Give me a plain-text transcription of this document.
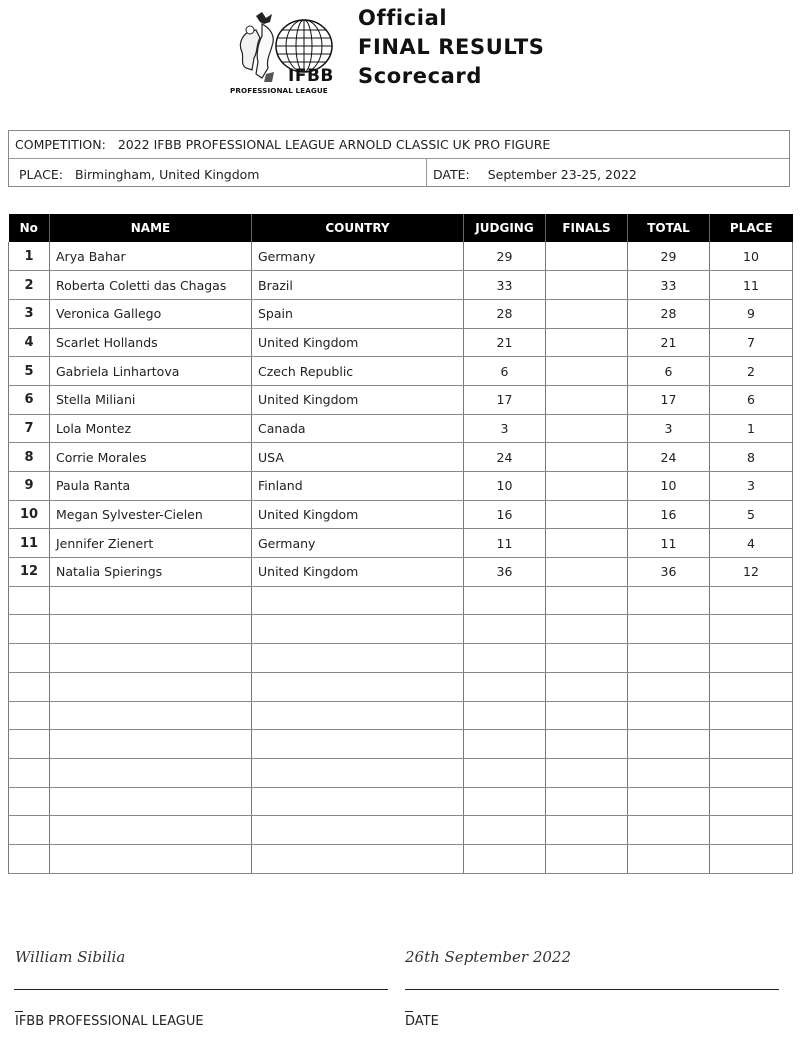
IFBB
PROFESSIONAL LEAGUE
Official
FINAL RESULTS
Scorecard
COMPETITION: 2022 IFBB PROFESSIONAL LEAGUE ARNOLD CLASSIC UK PRO FIGURE
PLACE: Birmingham, United Kingdom	DATE: September 23-25, 2022
No	NAME	COUNTRY	JUDGING	FINALS	TOTAL	PLACE
1	Arya Bahar	Germany	29		29	10
2	Roberta Coletti das Chagas	Brazil	33		33	11
3	Veronica Gallego	Spain	28		28	9
4	Scarlet Hollands	United Kingdom	21		21	7
5	Gabriela Linhartova	Czech Republic	6		6	2
6	Stella Miliani	United Kingdom	17		17	6
7	Lola Montez	Canada	3		3	1
8	Corrie Morales	USA	24		24	8
9	Paula Ranta	Finland	10		10	3
10	Megan Sylvester-Cielen	United Kingdom	16		16	5
11	Jennifer Zienert	Germany	11		11	4
12	Natalia Spierings	United Kingdom	36		36	12

William Sibilia	26th September 2022
IFBB PROFESSIONAL LEAGUE	DATE
